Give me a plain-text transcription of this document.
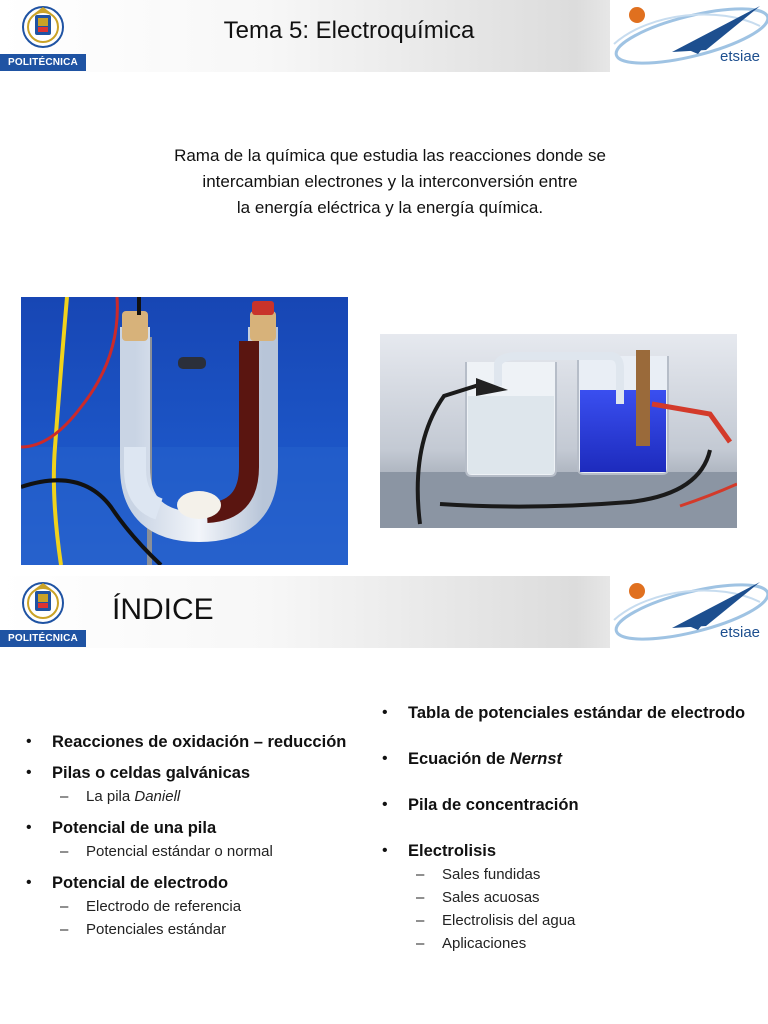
POLITÉCNICA
Tema 5: Electroquímica
etsiae
Rama de la química que estudia las reacciones donde se
intercambian electrones y la interconversión entre
la energía eléctrica y la energía química.
POLITÉCNICA
ÍNDICE
etsiae
• Reacciones de oxidación – reducción
• Pilas o celdas galvánicas
– La pila Daniell
• Potencial de una pila
– Potencial estándar o normal
• Potencial de electrodo
– Electrodo de referencia
– Potenciales estándar
• Tabla de potenciales estándar de electrodo
• Ecuación de Nernst
• Pila de concentración
• Electrolisis
– Sales fundidas
– Sales acuosas
– Electrolisis del agua
– Aplicaciones
